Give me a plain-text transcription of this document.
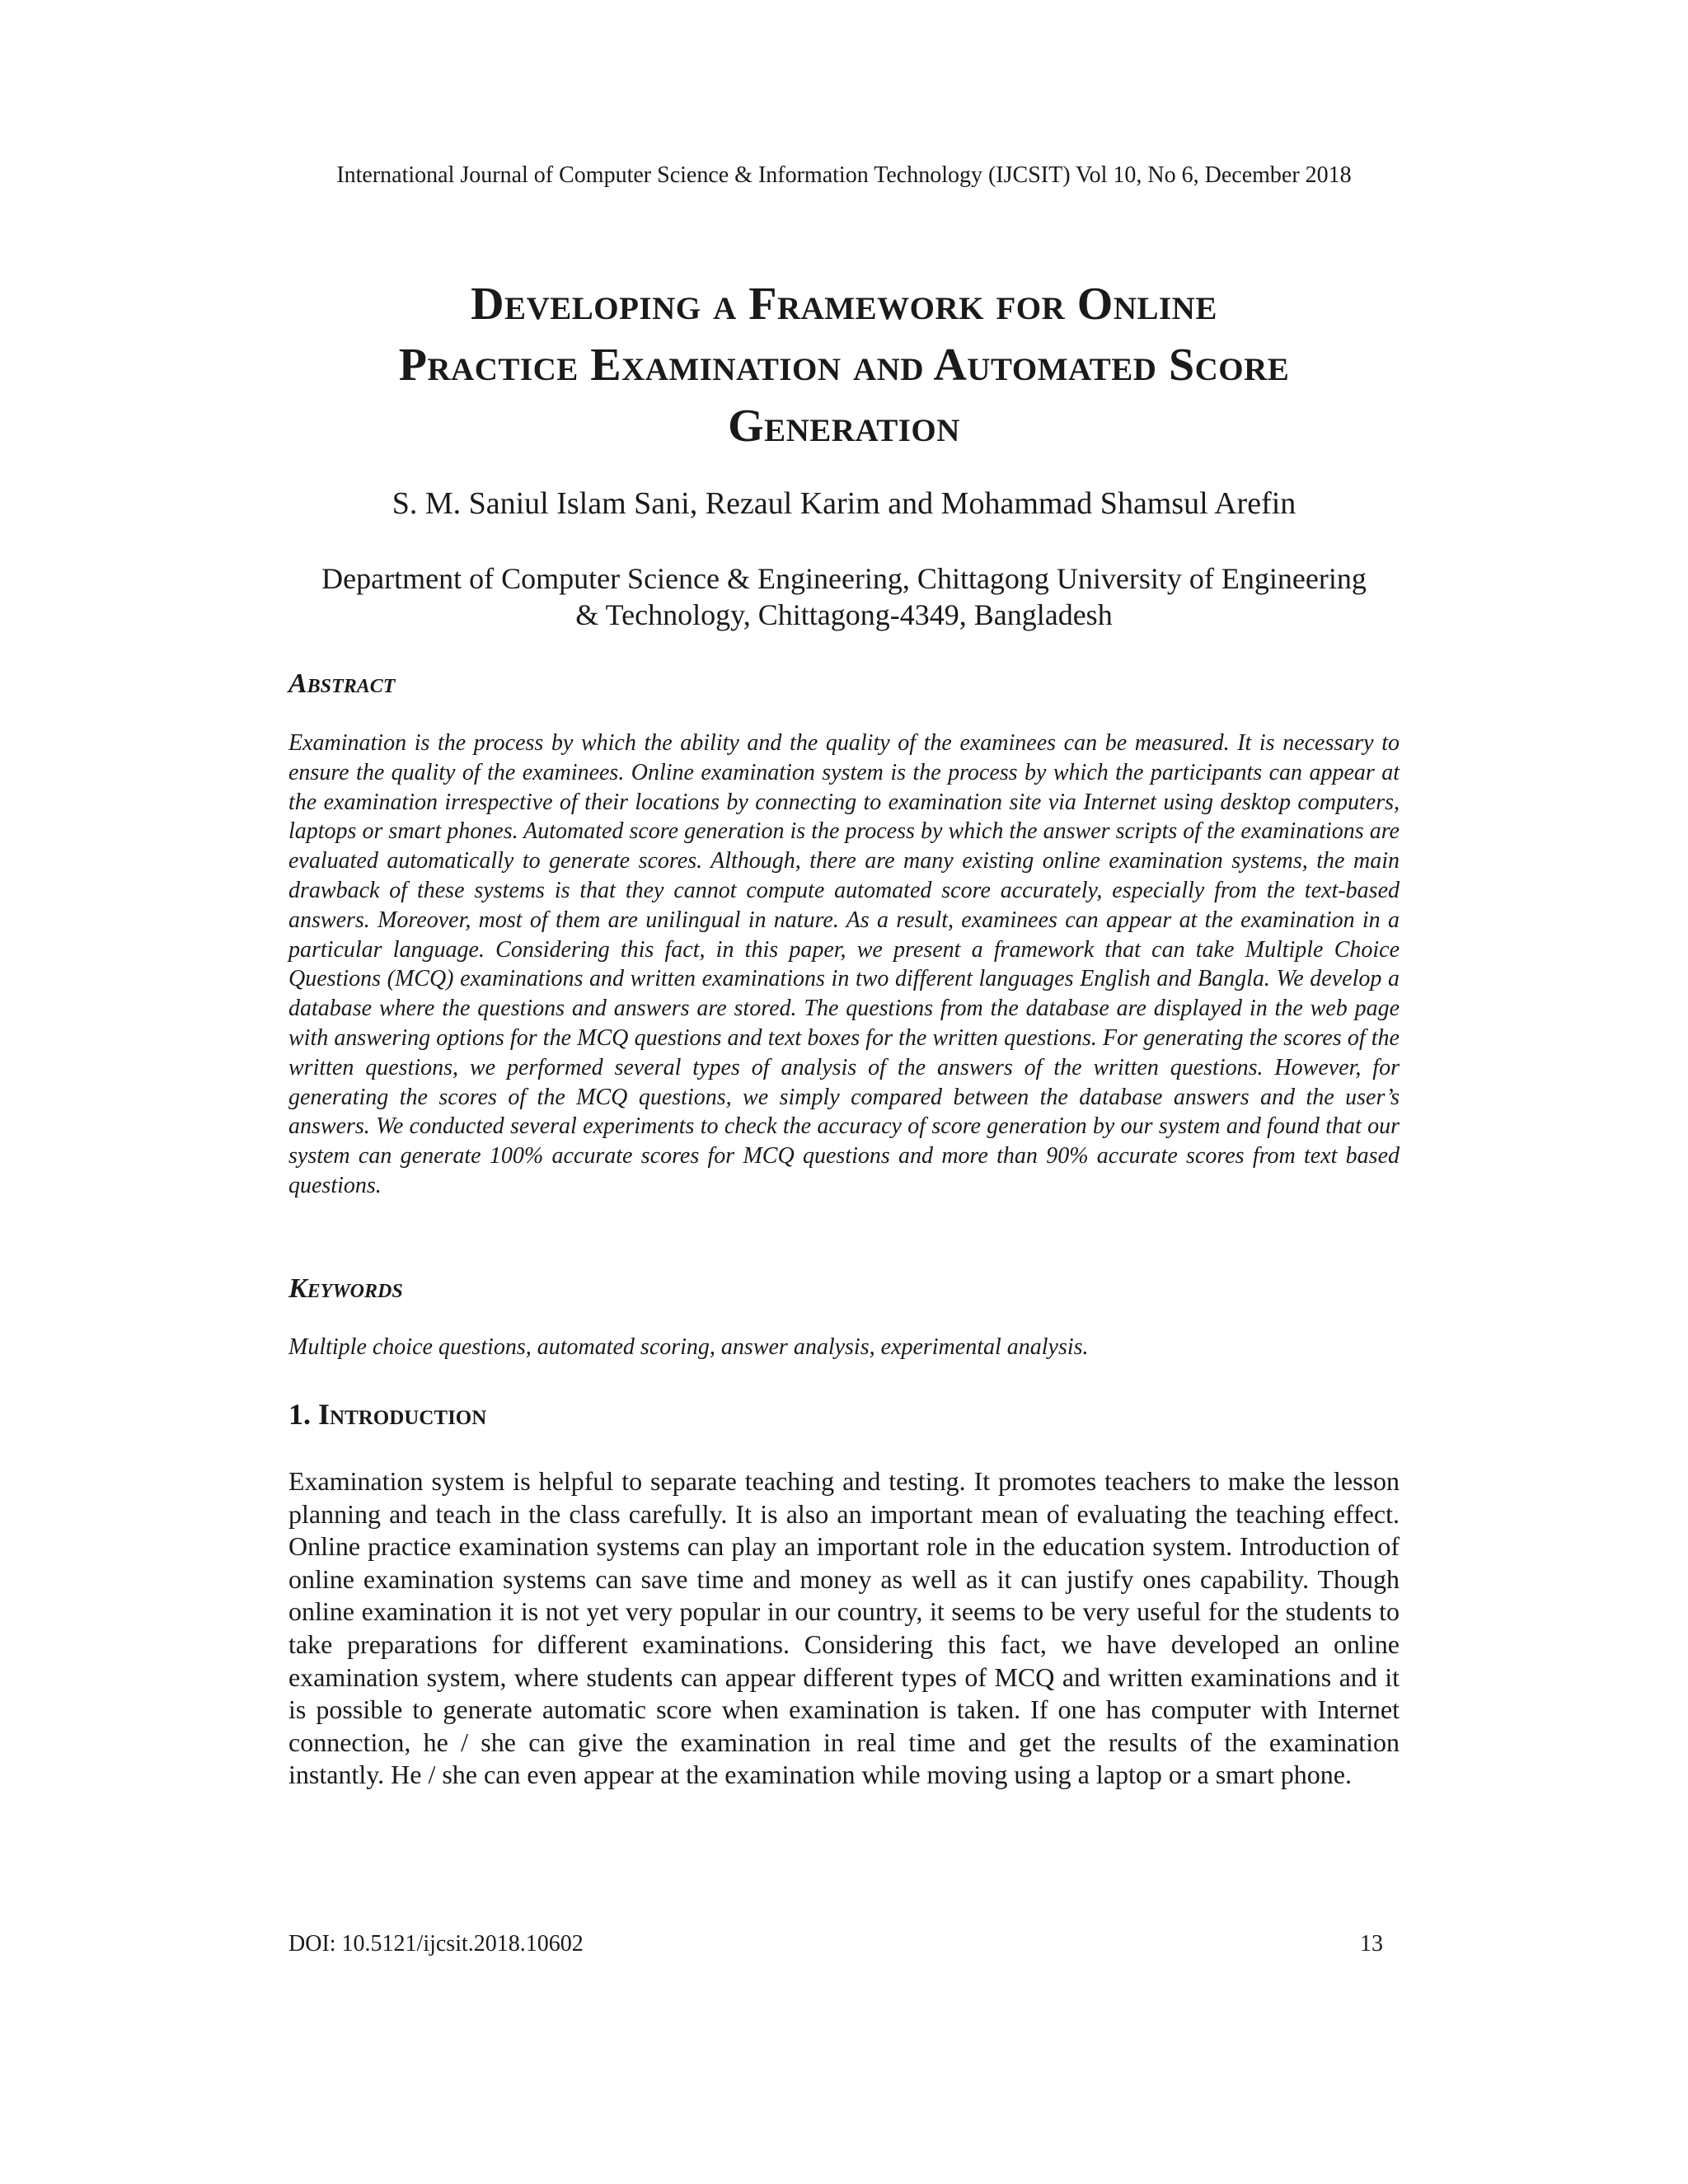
International Journal of Computer Science & Information Technology (IJCSIT) Vol 10, No 6, December 2018
Developing a Framework for Online
Practice Examination and Automated Score
Generation
S. M. Saniul Islam Sani, Rezaul Karim and Mohammad Shamsul Arefin
Department of Computer Science & Engineering, Chittagong University of Engineering
& Technology, Chittagong-4349, Bangladesh
Abstract

Examination is the process by which the ability and the quality of the examinees can be measured. It is necessary to ensure the quality of the examinees. Online examination system is the process by which the participants can appear at the examination irrespective of their locations by connecting to examination site via Internet using desktop computers, laptops or smart phones. Automated score generation is the process by which the answer scripts of the examinations are evaluated automatically to generate scores. Although, there are many existing online examination systems, the main drawback of these systems is that they cannot compute automated score accurately, especially from the text-based answers. Moreover, most of them are unilingual in nature. As a result, examinees can appear at the examination in a particular language. Considering this fact, in this paper, we present a framework that can take Multiple Choice Questions (MCQ) examinations and written examinations in two different languages English and Bangla. We develop a database where the questions and answers are stored. The questions from the database are displayed in the web page with answering options for the MCQ questions and text boxes for the written questions. For generating the scores of the written questions, we performed several types of analysis of the answers of the written questions. However, for generating the scores of the MCQ questions, we simply compared between the database answers and the user’s answers. We conducted several experiments to check the accuracy of score generation by our system and found that our system can generate 100% accurate scores for MCQ questions and more than 90% accurate scores from text based questions.

Keywords

Multiple choice questions, automated scoring, answer analysis, experimental analysis.

1. Introduction

Examination system is helpful to separate teaching and testing. It promotes teachers to make the lesson planning and teach in the class carefully. It is also an important mean of evaluating the teaching effect. Online practice examination systems can play an important role in the education system. Introduction of online examination systems can save time and money as well as it can justify ones capability. Though online examination it is not yet very popular in our country, it seems to be very useful for the students to take preparations for different examinations. Considering this fact, we have developed an online examination system, where students can appear different types of MCQ and written examinations and it is possible to generate automatic score when examination is taken. If one has computer with Internet connection, he / she can give the examination in real time and get the results of the examination instantly. He / she can even appear at the examination while moving using a laptop or a smart phone.

DOI: 10.5121/ijcsit.2018.10602	13
